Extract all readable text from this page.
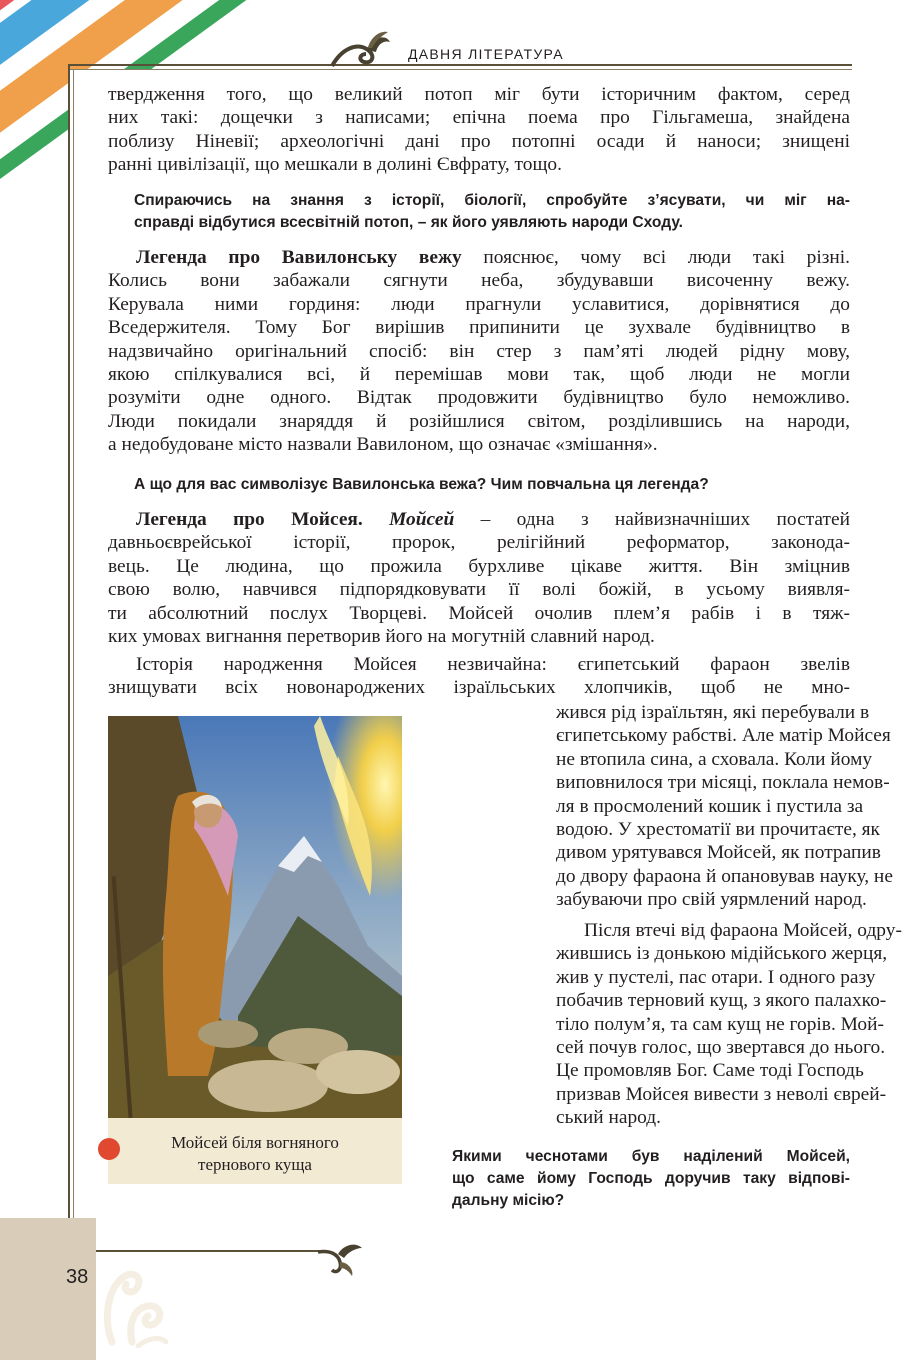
ДАВНЯ ЛІТЕРАТУРА
38
твердження того, що великий потоп міг бути історичним фактом, серед
них такі: дощечки з написами; епічна поема про Гільгамеша, знайдена
поблизу Ніневії; археологічні дані про потопні осади й наноси; знищені
ранні цивілізації, що мешкали в долині Євфрату, тощо.
Спираючись на знання з історії, біології, спробуйте з’ясувати, чи міг на-
справді відбутися всесвітній потоп, – як його уявляють народи Сходу.
Легенда про Вавилонську вежу пояснює, чому всі люди такі різні.
Колись вони забажали сягнути неба, збудувавши височенну вежу.
Керувала ними гординя: люди прагнули уславитися, дорівнятися до
Вседержителя. Тому Бог вирішив припинити це зухвале будівництво в
надзвичайно оригінальний спосіб: він стер з пам’яті людей рідну мову,
якою спілкувалися всі, й перемішав мови так, щоб люди не могли
розуміти одне одного. Відтак продовжити будівництво було неможливо.
Люди покидали знаряддя й розійшлися світом, розділившись на народи,
а недобудоване місто назвали Вавилоном, що означає «змішання».
А що для вас символізує Вавилонська вежа? Чим повчальна ця легенда?
Легенда про Мойсея. Мойсей – одна з найвизначніших постатей
давньоєврейської історії, пророк, релігійний реформатор, законода-
вець. Це людина, що прожила бурхливе цікаве життя. Він зміцнив
свою волю, навчився підпорядковувати її волі божій, в усьому виявля-
ти абсолютний послух Творцеві. Мойсей очолив плем’я рабів і в тяж-
ких умовах вигнання перетворив його на могутній славний народ.
Історія народження Мойсея незвичайна: єгипетський фараон звелів
знищувати всіх новонароджених ізраїльських хлопчиків, щоб не мно-
жився рід ізраїльтян, які перебували в
єгипетському рабстві. Але матір Мойсея
не втопила сина, а сховала. Коли йому
виповнилося три місяці, поклала немов-
ля в просмолений кошик і пустила за
водою. У хрестоматії ви прочитаєте, як
дивом урятувався Мойсей, як потрапив
до двору фараона й опановував науку, не
забуваючи про свій уярмлений народ.
Після втечі від фараона Мойсей, одру-
жившись із донькою мідійського жерця,
жив у пустелі, пас отари. І одного разу
побачив терновий кущ, з якого палахко-
тіло полум’я, та сам кущ не горів. Мой-
сей почув голос, що звертався до нього.
Це промовляв Бог. Саме тоді Господь
призвав Мойсея вивести з неволі єврей-
ський народ.
Якими чеснотами був наділений Мойсей,
що саме йому Господь доручив таку відпові-
дальну місію?
Мойсей біля вогняного
тернового куща
